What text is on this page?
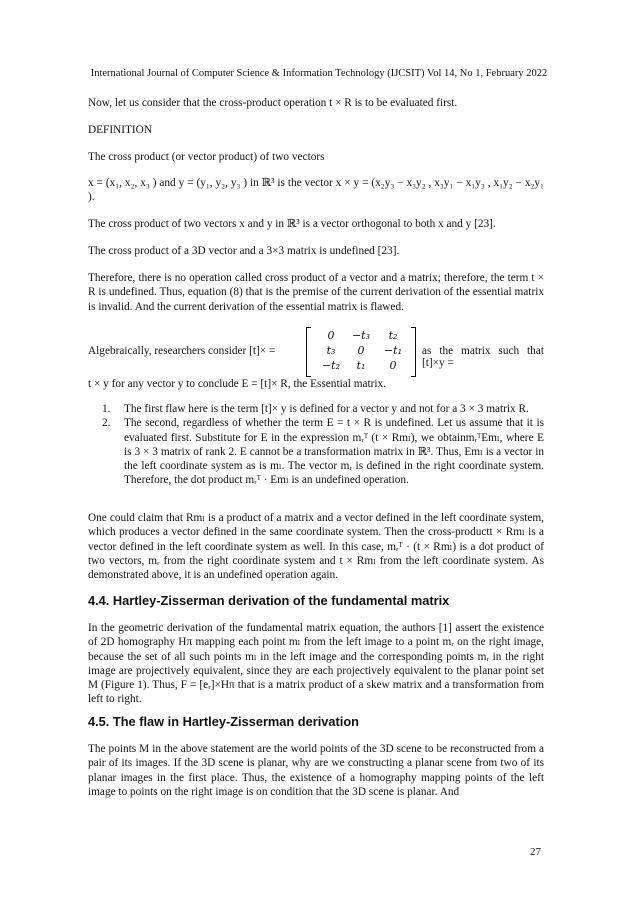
International Journal of Computer Science & Information Technology (IJCSIT) Vol 14, No 1, February 2022
Now, let us consider that the cross-product operation t × R is to be evaluated first.
DEFINITION
The cross product (or vector product) of two vectors
x = (x₁, x₂, x₃ ) and y = (y₁, y₂, y₃ ) in ℝ³ is the vector x × y = (x₂y₃ − x₃y₂ , x₃y₁ − x₁y₃ , x₁y₂ − x₂y₁ ).
The cross product of two vectors x and y in ℝ³ is a vector orthogonal to both x and y [23].
The cross product of a 3D vector and a 3×3 matrix is undefined [23].
Therefore, there is no operation called cross product of a vector and a matrix; therefore, the term t × R is undefined. Thus, equation (8) that is the premise of the current derivation of the essential matrix is invalid. And the current derivation of the essential matrix is flawed.
Algebraically, researchers consider [t]× =
0	−t₃	t₂
t₃	0	−t₁
−t₂	t₁	0
as the matrix such that [t]×y =
t × y for any vector y to conclude E = [t]× R, the Essential matrix.
1. The first flaw here is the term [t]× y is defined for a vector y and not for a 3 × 3 matrix R.
2. The second, regardless of whether the term E = t × R is undefined. Let us assume that it is evaluated first. Substitute for E in the expression mᵣᵀ (t × Rmₗ), we obtainmᵣᵀEmₗ, where E is 3 × 3 matrix of rank 2. E cannot be a transformation matrix in ℝ³. Thus, Emₗ is a vector in the left coordinate system as is mₗ. The vector mᵣ is defined in the right coordinate system. Therefore, the dot product mᵣᵀ · Emₗ is an undefined operation.
One could claim that Rmₗ is a product of a matrix and a vector defined in the left coordinate system, which produces a vector defined in the same coordinate system. Then the cross-productt × Rmₗ is a vector defined in the left coordinate system as well. In this case, mᵣᵀ · (t × Rmₗ) is a dot product of two vectors, mᵣ from the right coordinate system and t × Rmₗ from the left coordinate system. As demonstrated above, it is an undefined operation again.
4.4. Hartley-Zisserman derivation of the fundamental matrix
In the geometric derivation of the fundamental matrix equation, the authors [1] assert the existence of 2D homography Hπ mapping each point mₗ from the left image to a point mᵣ on the right image, because the set of all such points mₗ in the left image and the corresponding points mᵣ in the right image are projectively equivalent, since they are each projectively equivalent to the planar point set M (Figure 1). Thus, F = [eᵣ]×Hπ that is a matrix product of a skew matrix and a transformation from left to right.
4.5. The flaw in Hartley-Zisserman derivation
The points M in the above statement are the world points of the 3D scene to be reconstructed from a pair of its images. If the 3D scene is planar, why are we constructing a planar scene from two of its planar images in the first place. Thus, the existence of a homography mapping points of the left image to points on the right image is on condition that the 3D scene is planar. And
27
